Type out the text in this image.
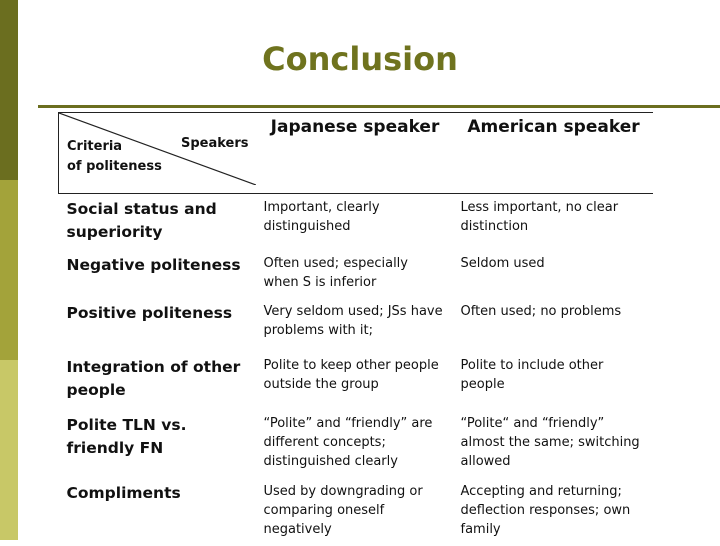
Conclusion
Criteria
of politeness
Speakers	Japanese speaker	American speaker
Social status and superiority	Important, clearly distinguished	Less important, no clear distinction
Negative politeness	Often used; especially when S is inferior	Seldom used
Positive politeness	Very seldom used; JSs have problems with it;	Often used; no problems
Integration of other people	Polite to keep other people outside the group	Polite to include other people
Polite TLN vs. friendly FN	“Polite” and “friendly” are different concepts; distinguished clearly	“Polite“ and “friendly” almost the same; switching allowed
Compliments	Used by downgrading or comparing oneself negatively	Accepting and returning; deflection responses; own family
